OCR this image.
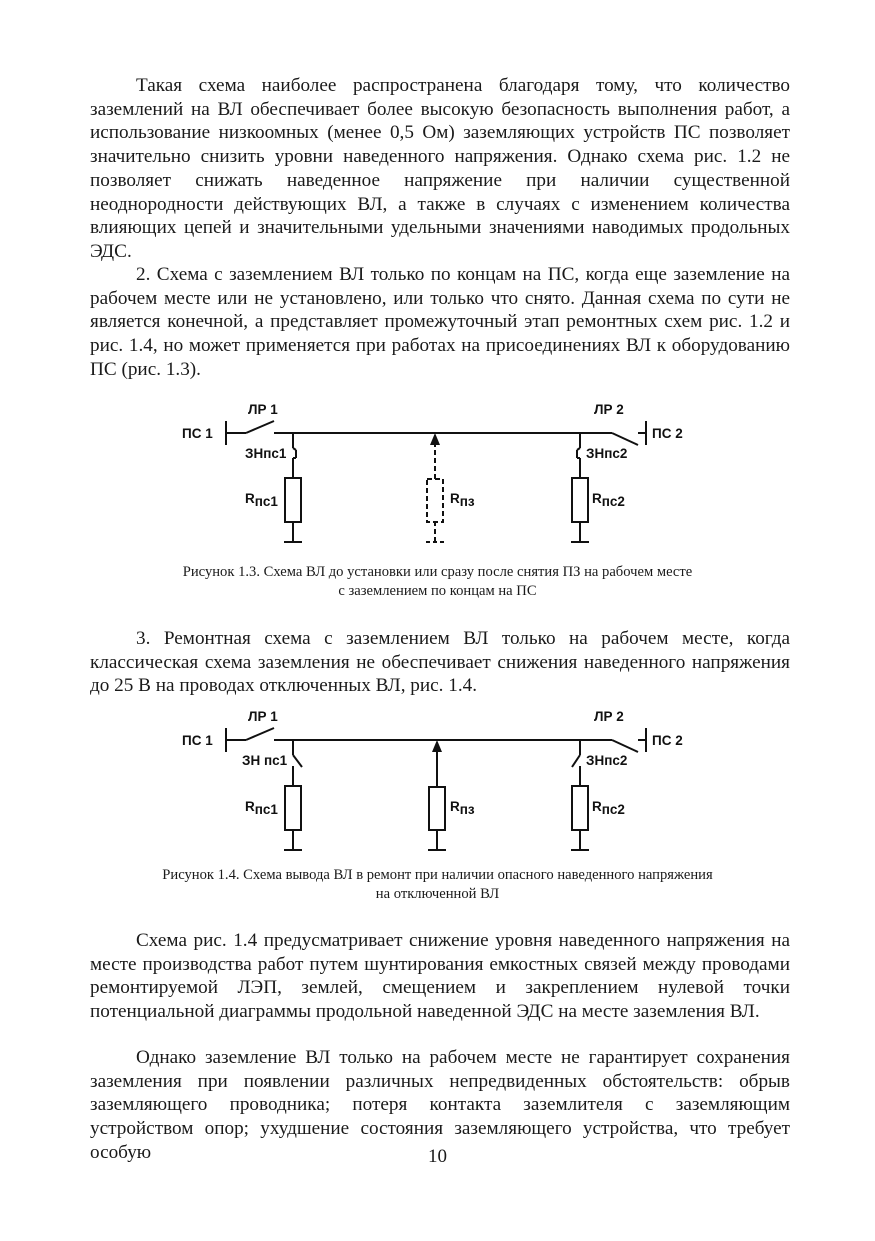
Такая схема наиболее распространена благодаря тому, что количество заземлений на ВЛ обеспечивает более высокую безопасность выполнения работ, а использование низкоомных (менее 0,5 Ом) заземляющих устройств ПС позволяет значительно снизить уровни наведенного напряжения. Однако схема рис. 1.2 не позволяет снижать наведенное напряжение при наличии существенной неоднородности действующих ВЛ, а также в случаях с изменением количества влияющих цепей и значительными удельными значениями наводимых продольных ЭДС.

2. Схема с заземлением ВЛ только по концам на ПС, когда еще заземление на рабочем месте или не установлено, или только что снято. Данная схема по сути не является конечной, а представляет промежуточный этап ремонтных схем рис. 1.2 и рис. 1.4, но может применяется при работах на присоединениях ВЛ к оборудованию ПС (рис. 1.3).

ПС 1
ЛР 1
ЗНпс1
Rпс1	Rпз	Rпс2
ЛР 2
ЗНпс2
ПС 2

Рисунок 1.3. Схема ВЛ до установки или сразу после снятия ПЗ на рабочем месте
с заземлением по концам на ПС

3. Ремонтная схема с заземлением ВЛ только на рабочем месте, когда классическая схема заземления не обеспечивает снижения наведенного напряжения до 25 В на проводах отключенных ВЛ, рис. 1.4.

ПС 1
ЛР 1
ЗН пс1
Rпс1	Rпз	Rпс2
ЛР 2
ЗНпс2
ПС 2

Рисунок 1.4. Схема вывода ВЛ в ремонт при наличии опасного наведенного напряжения
на отключенной ВЛ

Схема рис. 1.4 предусматривает снижение уровня наведенного напряжения на месте производства работ путем шунтирования емкостных связей между проводами ремонтируемой ЛЭП, землей, смещением и закреплением нулевой точки потенциальной диаграммы продольной наведенной ЭДС на месте заземления ВЛ.

Однако заземление ВЛ только на рабочем месте не гарантирует сохранения заземления при появлении различных непредвиденных обстоятельств: обрыв заземляющего проводника; потеря контакта заземлителя с заземляющим устройством опор; ухудшение состояния заземляющего устройства, что требует особую	10
